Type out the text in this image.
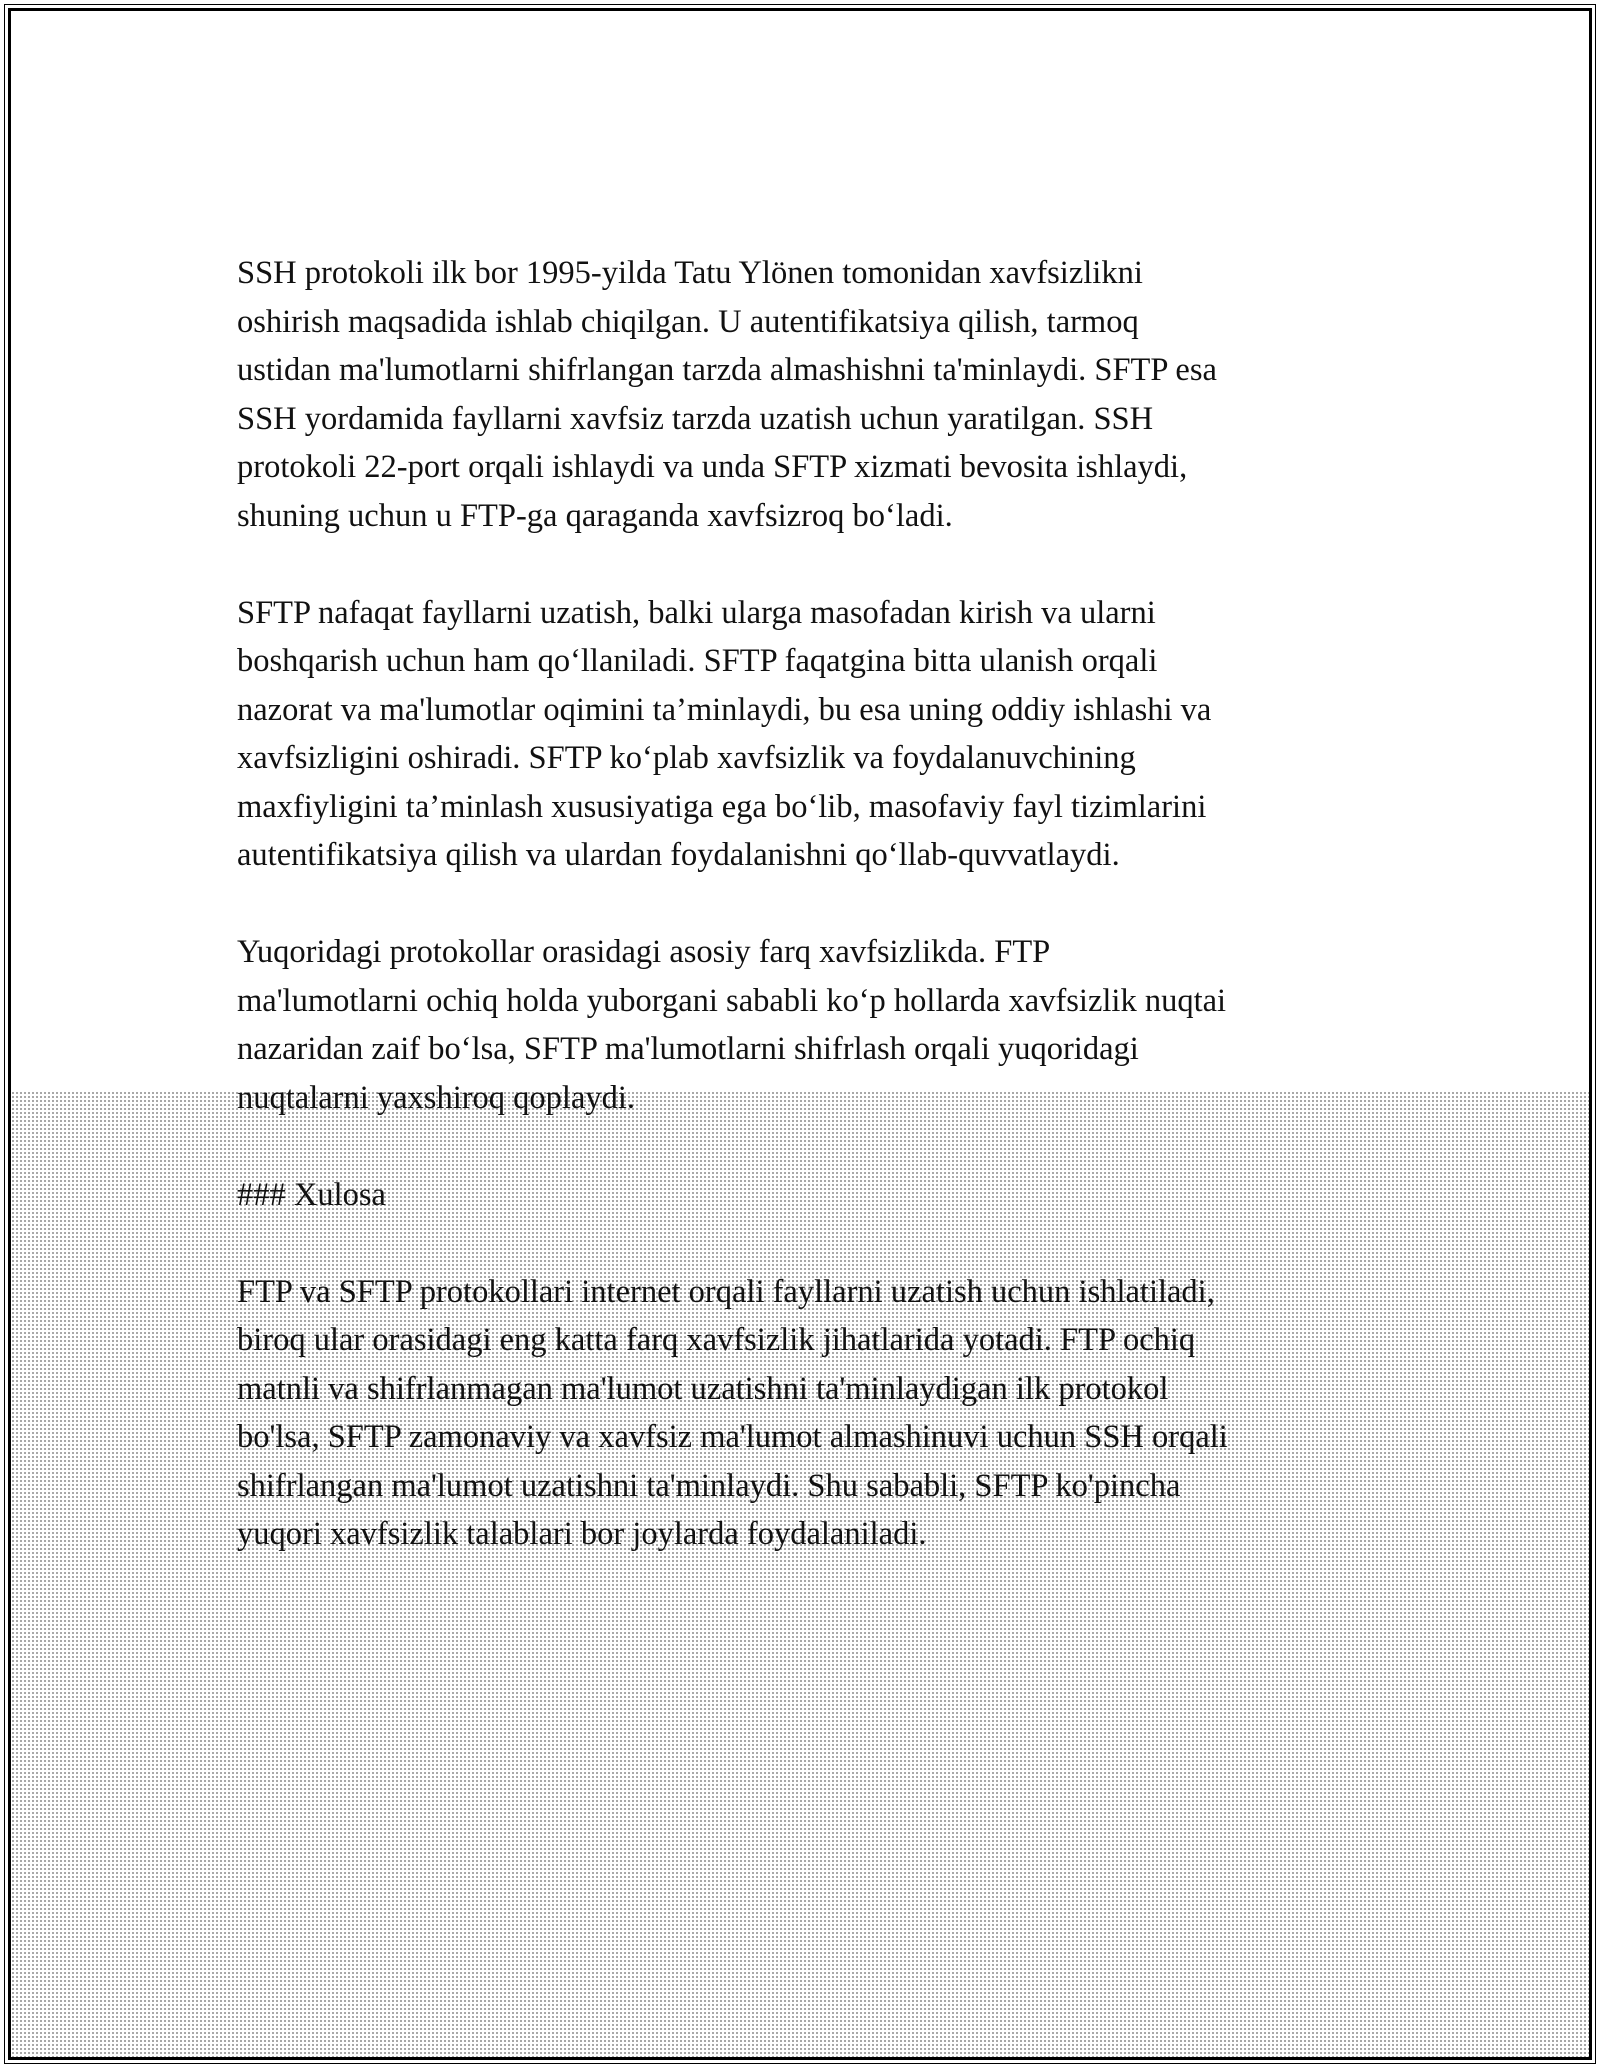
SSH protokoli ilk bor 1995-yilda Tatu Ylönen tomonidan xavfsizlikni
oshirish maqsadida ishlab chiqilgan. U autentifikatsiya qilish, tarmoq
ustidan ma'lumotlarni shifrlangan tarzda almashishni ta'minlaydi. SFTP esa
SSH yordamida fayllarni xavfsiz tarzda uzatish uchun yaratilgan. SSH
protokoli 22-port orqali ishlaydi va unda SFTP xizmati bevosita ishlaydi,
shuning uchun u FTP-ga qaraganda xavfsizroq bo‘ladi.

SFTP nafaqat fayllarni uzatish, balki ularga masofadan kirish va ularni
boshqarish uchun ham qo‘llaniladi. SFTP faqatgina bitta ulanish orqali
nazorat va ma'lumotlar oqimini ta’minlaydi, bu esa uning oddiy ishlashi va
xavfsizligini oshiradi. SFTP ko‘plab xavfsizlik va foydalanuvchining
maxfiyligini ta’minlash xususiyatiga ega bo‘lib, masofaviy fayl tizimlarini
autentifikatsiya qilish va ulardan foydalanishni qo‘llab-quvvatlaydi.

Yuqoridagi protokollar orasidagi asosiy farq xavfsizlikda. FTP
ma'lumotlarni ochiq holda yuborgani sababli ko‘p hollarda xavfsizlik nuqtai
nazaridan zaif bo‘lsa, SFTP ma'lumotlarni shifrlash orqali yuqoridagi
nuqtalarni yaxshiroq qoplaydi.

### Xulosa

FTP va SFTP protokollari internet orqali fayllarni uzatish uchun ishlatiladi,
biroq ular orasidagi eng katta farq xavfsizlik jihatlarida yotadi. FTP ochiq
matnli va shifrlanmagan ma'lumot uzatishni ta'minlaydigan ilk protokol
bo'lsa, SFTP zamonaviy va xavfsiz ma'lumot almashinuvi uchun SSH orqali
shifrlangan ma'lumot uzatishni ta'minlaydi. Shu sababli, SFTP ko'pincha
yuqori xavfsizlik talablari bor joylarda foydalaniladi.
